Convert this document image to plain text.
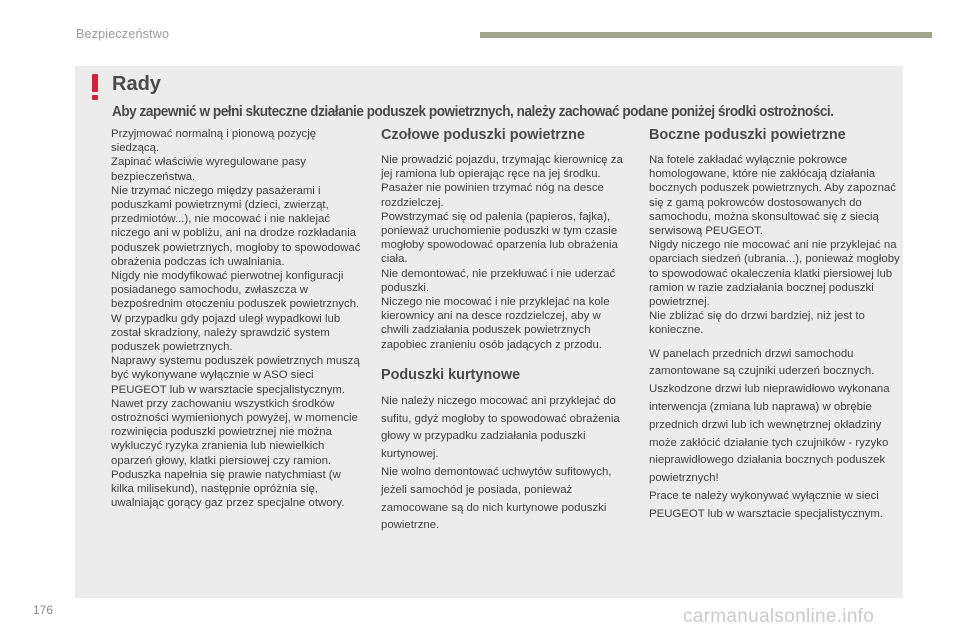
Bezpieczeństwo
Rady
Aby zapewnić w pełni skuteczne działanie poduszek powietrznych, należy zachować podane poniżej środki ostrożności.

Przyjmować normalną i pionową pozycję siedzącą.
Zapinać właściwie wyregulowane pasy bezpieczeństwa.
Nie trzymać niczego między pasażerami i poduszkami powietrznymi (dzieci, zwierząt, przedmiotów...), nie mocować i nie naklejać niczego ani w pobliżu, ani na drodze rozkładania poduszek powietrznych, mogłoby to spowodować obrażenia podczas ich uwalniania.
Nigdy nie modyfikować pierwotnej konfiguracji posiadanego samochodu, zwłaszcza w bezpośrednim otoczeniu poduszek powietrznych.
W przypadku gdy pojazd uległ wypadkowi lub został skradziony, należy sprawdzić system poduszek powietrznych.
Naprawy systemu poduszek powietrznych muszą być wykonywane wyłącznie w ASO sieci PEUGEOT lub w warsztacie specjalistycznym.
Nawet przy zachowaniu wszystkich środków ostrożności wymienionych powyżej, w momencie rozwinięcia poduszki powietrznej nie można wykluczyć ryzyka zranienia lub niewielkich oparzeń głowy, klatki piersiowej czy ramion. Poduszka napełnia się prawie natychmiast (w kilka milisekund), następnie opróżnia się, uwalniając gorący gaz przez specjalne otwory.

Czołowe poduszki powietrzne

Nie prowadzić pojazdu, trzymając kierownicę za jej ramiona lub opierając ręce na jej środku.
Pasażer nie powinien trzymać nóg na desce rozdzielczej.
Powstrzymać się od palenia (papieros, fajka), ponieważ uruchomienie poduszki w tym czasie mogłoby spowodować oparzenia lub obrażenia ciała.
Nie demontować, nie przekłuwać i nie uderzać poduszki.
Niczego nie mocować i nie przyklejać na kole kierownicy ani na desce rozdzielczej, aby w chwili zadziałania poduszek powietrznych zapobiec zranieniu osób jadących z przodu.

Poduszki kurtynowe

Nie należy niczego mocować ani przyklejać do sufitu, gdyż mogłoby to spowodować obrażenia głowy w przypadku zadziałania poduszki kurtynowej.
Nie wolno demontować uchwytów sufitowych, jeżeli samochód je posiada, ponieważ zamocowane są do nich kurtynowe poduszki powietrzne.

Boczne poduszki powietrzne

Na fotele zakładać wyłącznie pokrowce homologowane, które nie zakłócają działania bocznych poduszek powietrznych. Aby zapoznać się z gamą pokrowców dostosowanych do samochodu, można skonsultować się z siecią serwisową PEUGEOT.
Nigdy niczego nie mocować ani nie przyklejać na oparciach siedzeń (ubrania...), ponieważ mogłoby to spowodować okaleczenia klatki piersiowej lub ramion w razie zadziałania bocznej poduszki powietrznej.
Nie zbliżać się do drzwi bardziej, niż jest to konieczne.

W panelach przednich drzwi samochodu zamontowane są czujniki uderzeń bocznych.
Uszkodzone drzwi lub nieprawidłowo wykonana interwencja (zmiana lub naprawa) w obrębie przednich drzwi lub ich wewnętrznej okładziny może zakłócić działanie tych czujników - ryzyko nieprawidłowego działania bocznych poduszek powietrznych!
Prace te należy wykonywać wyłącznie w sieci PEUGEOT lub w warsztacie specjalistycznym.

176	carmanualsonline.info
